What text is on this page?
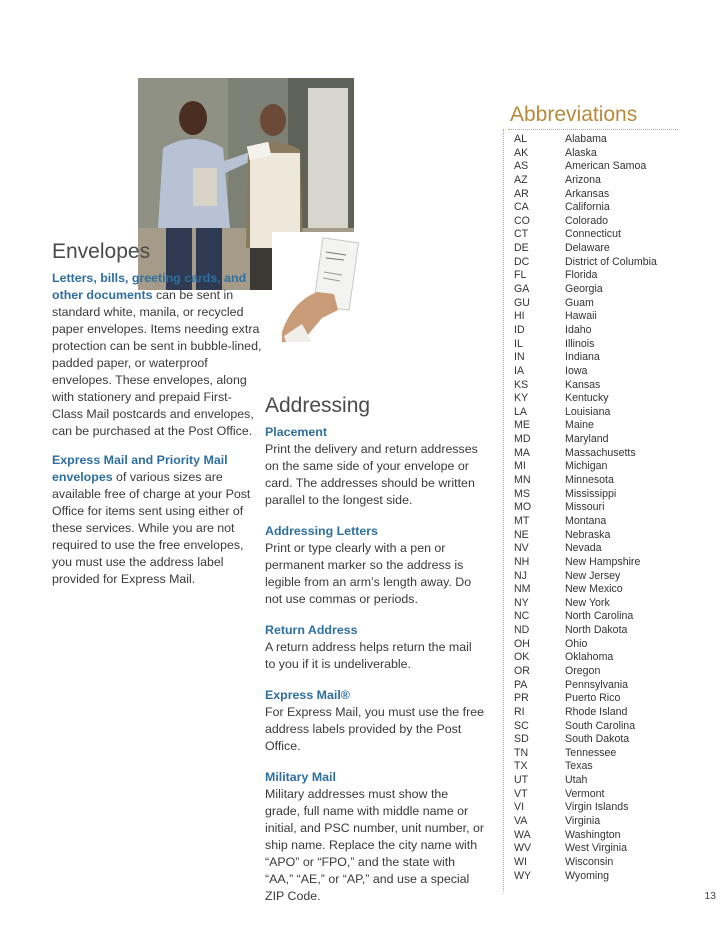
Envelopes

Letters, bills, greeting cards, and other documents can be sent in standard white, manila, or recycled paper envelopes. Items needing extra protection can be sent in bubble-lined, padded paper, or waterproof envelopes. These envelopes, along with stationery and prepaid First-Class Mail postcards and envelopes, can be purchased at the Post Office.

Express Mail and Priority Mail envelopes of various sizes are available free of charge at your Post Office for items sent using either of these services. While you are not required to use the free envelopes, you must use the address label provided for Express Mail.

Addressing
Placement

Print the delivery and return addresses on the same side of your envelope or card. The addresses should be written parallel to the longest side.

Addressing Letters

Print or type clearly with a pen or permanent marker so the address is legible from an arm’s length away. Do not use commas or periods.

Return Address

A return address helps return the mail to you if it is undeliverable.

Express Mail®

For Express Mail, you must use the free address labels provided by the Post Office.

Military Mail

Military addresses must show the grade, full name with middle name or initial, and PSC number, unit number, or ship name. Replace the city name with “APO” or “FPO,” and the state with “AA,” “AE,” or “AP,” and use a special ZIP Code.

Abbreviations
AL	Alabama
AK	Alaska
AS	American Samoa
AZ	Arizona
AR	Arkansas
CA	California
CO	Colorado
CT	Connecticut
DE	Delaware
DC	District of Columbia
FL	Florida
GA	Georgia
GU	Guam
HI	Hawaii
ID	Idaho
IL	Illinois
IN	Indiana
IA	Iowa
KS	Kansas
KY	Kentucky
LA	Louisiana
ME	Maine
MD	Maryland
MA	Massachusetts
MI	Michigan
MN	Minnesota
MS	Mississippi
MO	Missouri
MT	Montana
NE	Nebraska
NV	Nevada
NH	New Hampshire
NJ	New Jersey
NM	New Mexico
NY	New York
NC	North Carolina
ND	North Dakota
OH	Ohio
OK	Oklahoma
OR	Oregon
PA	Pennsylvania
PR	Puerto Rico
RI	Rhode Island
SC	South Carolina
SD	South Dakota
TN	Tennessee
TX	Texas
UT	Utah
VT	Vermont
VI	Virgin Islands
VA	Virginia
WA	Washington
WV	West Virginia
WI	Wisconsin
WY	Wyoming
13
